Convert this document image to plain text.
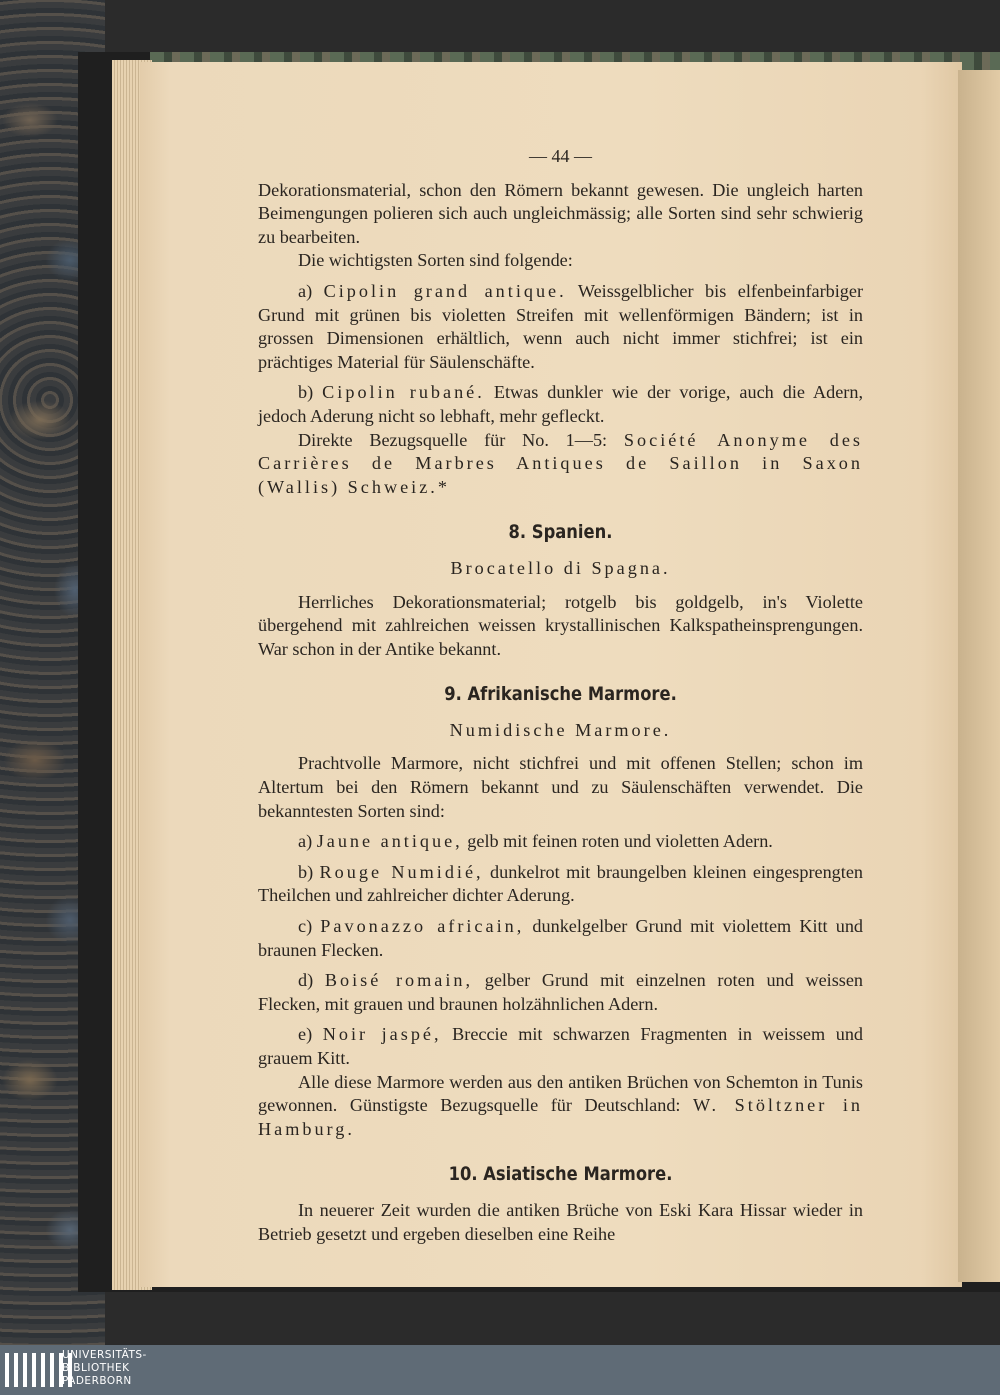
— 44 —

Dekorationsmaterial, schon den Römern bekannt gewesen. Die ungleich harten Beimengungen polieren sich auch ungleichmässig; alle Sorten sind sehr schwierig zu bearbeiten.

Die wichtigsten Sorten sind folgende:

a) Cipolin grand antique. Weissgelblicher bis elfenbeinfarbiger Grund mit grünen bis violetten Streifen mit wellenförmigen Bändern; ist in grossen Dimensionen erhältlich, wenn auch nicht immer stichfrei; ist ein prächtiges Material für Säulenschäfte.

b) Cipolin rubané. Etwas dunkler wie der vorige, auch die Adern, jedoch Aderung nicht so lebhaft, mehr gefleckt.

Direkte Bezugsquelle für No. 1—5: Société Anonyme des Carrières de Marbres Antiques de Saillon in Saxon (Wallis) Schweiz.*

8. Spanien.
Brocatello di Spagna.

Herrliches Dekorationsmaterial; rotgelb bis goldgelb, in's Violette übergehend mit zahlreichen weissen krystallinischen Kalkspatheinsprengungen. War schon in der Antike bekannt.

9. Afrikanische Marmore.
Numidische Marmore.

Prachtvolle Marmore, nicht stichfrei und mit offenen Stellen; schon im Altertum bei den Römern bekannt und zu Säulenschäften verwendet. Die bekanntesten Sorten sind:

a) Jaune antique, gelb mit feinen roten und violetten Adern.

b) Rouge Numidié, dunkelrot mit braungelben kleinen eingesprengten Theilchen und zahlreicher dichter Aderung.

c) Pavonazzo africain, dunkelgelber Grund mit violettem Kitt und braunen Flecken.

d) Boisé romain, gelber Grund mit einzelnen roten und weissen Flecken, mit grauen und braunen holzähnlichen Adern.

e) Noir jaspé, Breccie mit schwarzen Fragmenten in weissem und grauem Kitt.

Alle diese Marmore werden aus den antiken Brüchen von Schemton in Tunis gewonnen. Günstigste Bezugsquelle für Deutschland: W. Stöltzner in Hamburg.

10. Asiatische Marmore.

In neuerer Zeit wurden die antiken Brüche von Eski Kara Hissar wieder in Betrieb gesetzt und ergeben dieselben eine Reihe

UNIVERSITÄTS-
BIBLIOTHEK
PADERBORN
